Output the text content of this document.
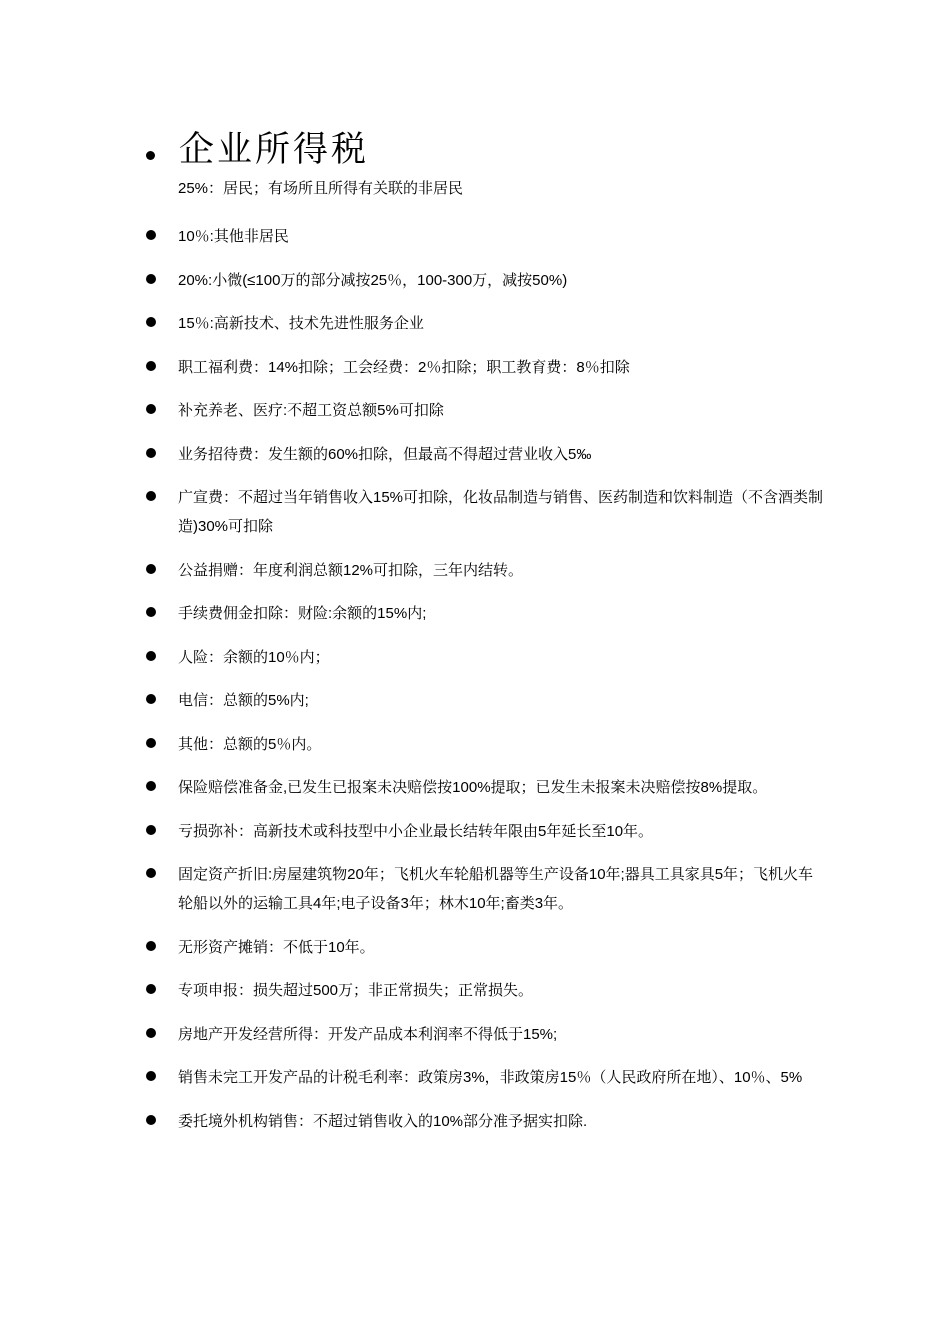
企业所得税
25%：居民；有场所且所得有关联的非居民
10％:其他非居民
20%:小微(≤100万的部分减按25％，100-300万，减按50%)
15％:高新技术、技术先进性服务企业
职工福利费：14%扣除；工会经费：2％扣除；职工教育费：8％扣除
补充养老、医疗:不超工资总额5%可扣除
业务招待费：发生额的60%扣除，但最高不得超过营业收入5‰
广宣费：不超过当年销售收入15%可扣除，化妆品制造与销售、医药制造和饮料制造（不含酒类制造)30%可扣除
公益捐赠：年度利润总额12%可扣除，三年内结转。
手续费佣金扣除：财险:余额的15%内;
人险：余额的10％内；
电信：总额的5%内;
其他：总额的5％内。
保险赔偿准备金,已发生已报案未决赔偿按100%提取；已发生未报案未决赔偿按8%提取。
亏损弥补：高新技术或科技型中小企业最长结转年限由5年延长至10年。
固定资产折旧:房屋建筑物20年；飞机火车轮船机器等生产设备10年;器具工具家具5年；飞机火车轮船以外的运输工具4年;电子设备3年；林木10年;畜类3年。
无形资产摊销：不低于10年。
专项申报：损失超过500万；非正常损失；正常损失。
房地产开发经营所得：开发产品成本利润率不得低于15%;
销售未完工开发产品的计税毛利率：政策房3%，非政策房15％（人民政府所在地）、10％、5%
委托境外机构销售：不超过销售收入的10%部分准予据实扣除.
